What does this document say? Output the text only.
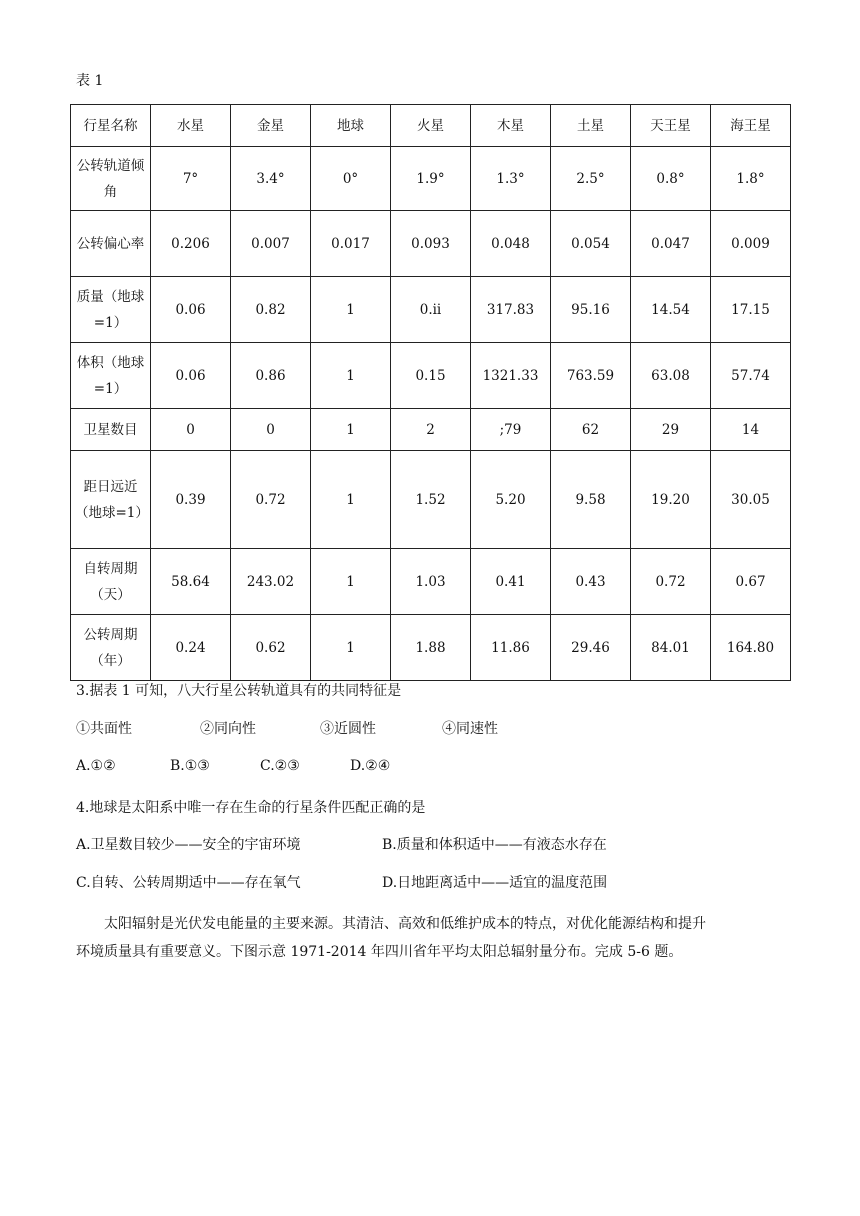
表 1
行星名称	水星	金星	地球	火星	木星	土星	天王星	海王星
公转轨道倾角	7°	3.4°	0°	1.9°	1.3°	2.5°	0.8°	1.8°
公转偏心率	0.206	0.007	0.017	0.093	0.048	0.054	0.047	0.009
质量（地球=1）	0.06	0.82	1	0.ii	317.83	95.16	14.54	17.15
体积（地球=1）	0.06	0.86	1	0.15	1321.33	763.59	63.08	57.74
卫星数目	0	0	1	2	;79	62	29	14
距日远近（地球=1）	0.39	0.72	1	1.52	5.20	9.58	19.20	30.05
自转周期（天）	58.64	243.02	1	1.03	0.41	0.43	0.72	0.67
公转周期（年）	0.24	0.62	1	1.88	11.86	29.46	84.01	164.80
3.据表 1 可知，八大行星公转轨道具有的共同特征是
①共面性	②同向性	③近圆性	④同速性
A.①②	B.①③	C.②③	D.②④
4.地球是太阳系中唯一存在生命的行星条件匹配正确的是
A.卫星数目较少——安全的宇宙环境	B.质量和体积适中——有液态水存在
C.自转、公转周期适中——存在氧气	D.日地距离适中——适宜的温度范围
太阳辐射是光伏发电能量的主要来源。其清洁、高效和低维护成本的特点，对优化能源结构和提升环境质量具有重要意义。下图示意 1971-2014 年四川省年平均太阳总辐射量分布。完成 5-6 题。
